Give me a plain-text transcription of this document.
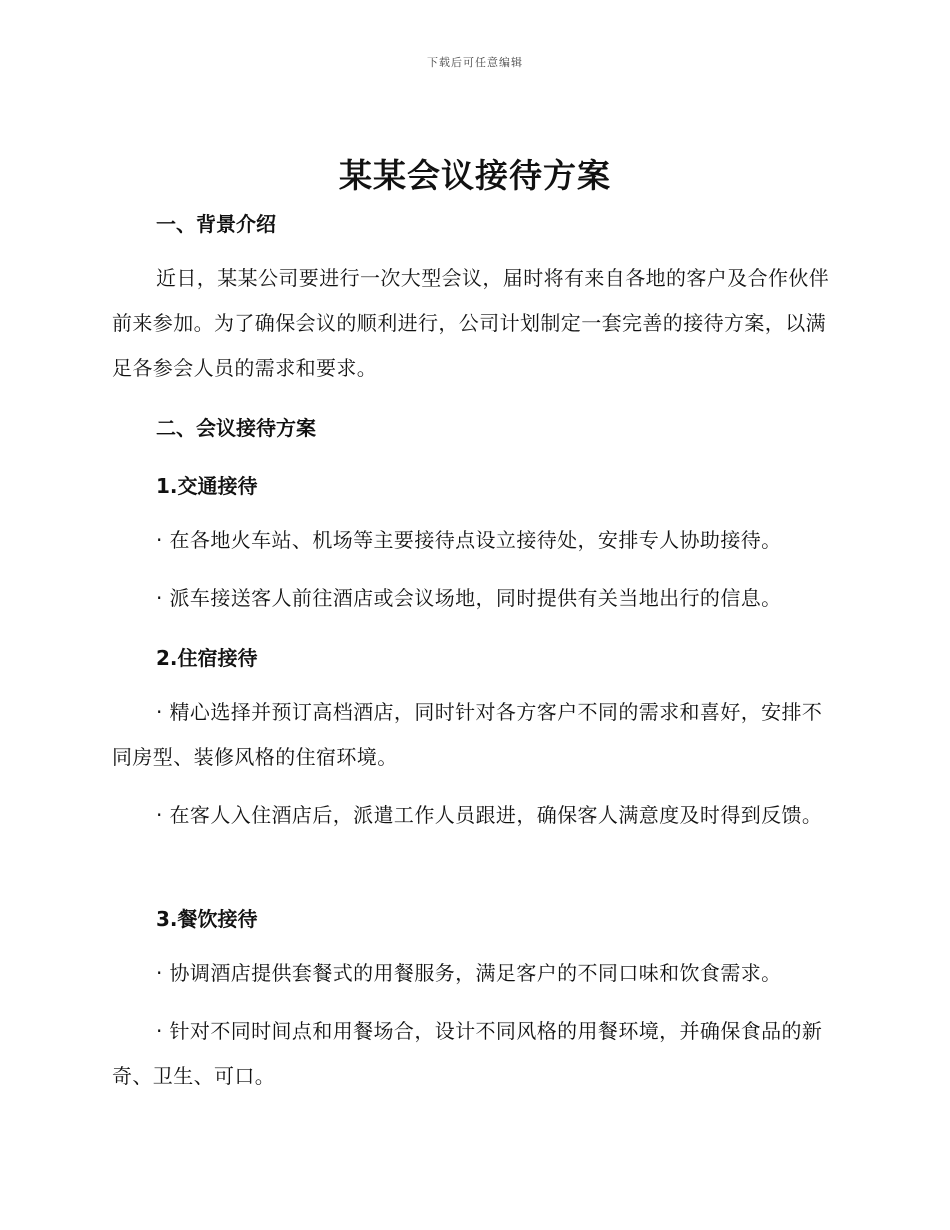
下载后可任意编辑
某某会议接待方案
一、背景介绍
近日，某某公司要进行一次大型会议，届时将有来自各地的客户及合作伙伴前来参加。为了确保会议的顺利进行，公司计划制定一套完善的接待方案，以满足各参会人员的需求和要求。
二、会议接待方案
1.交通接待
· 在各地火车站、机场等主要接待点设立接待处，安排专人协助接待。
· 派车接送客人前往酒店或会议场地，同时提供有关当地出行的信息。
2.住宿接待
· 精心选择并预订高档酒店，同时针对各方客户不同的需求和喜好，安排不同房型、装修风格的住宿环境。
· 在客人入住酒店后，派遣工作人员跟进，确保客人满意度及时得到反馈。
3.餐饮接待
· 协调酒店提供套餐式的用餐服务，满足客户的不同口味和饮食需求。
· 针对不同时间点和用餐场合，设计不同风格的用餐环境，并确保食品的新奇、卫生、可口。
